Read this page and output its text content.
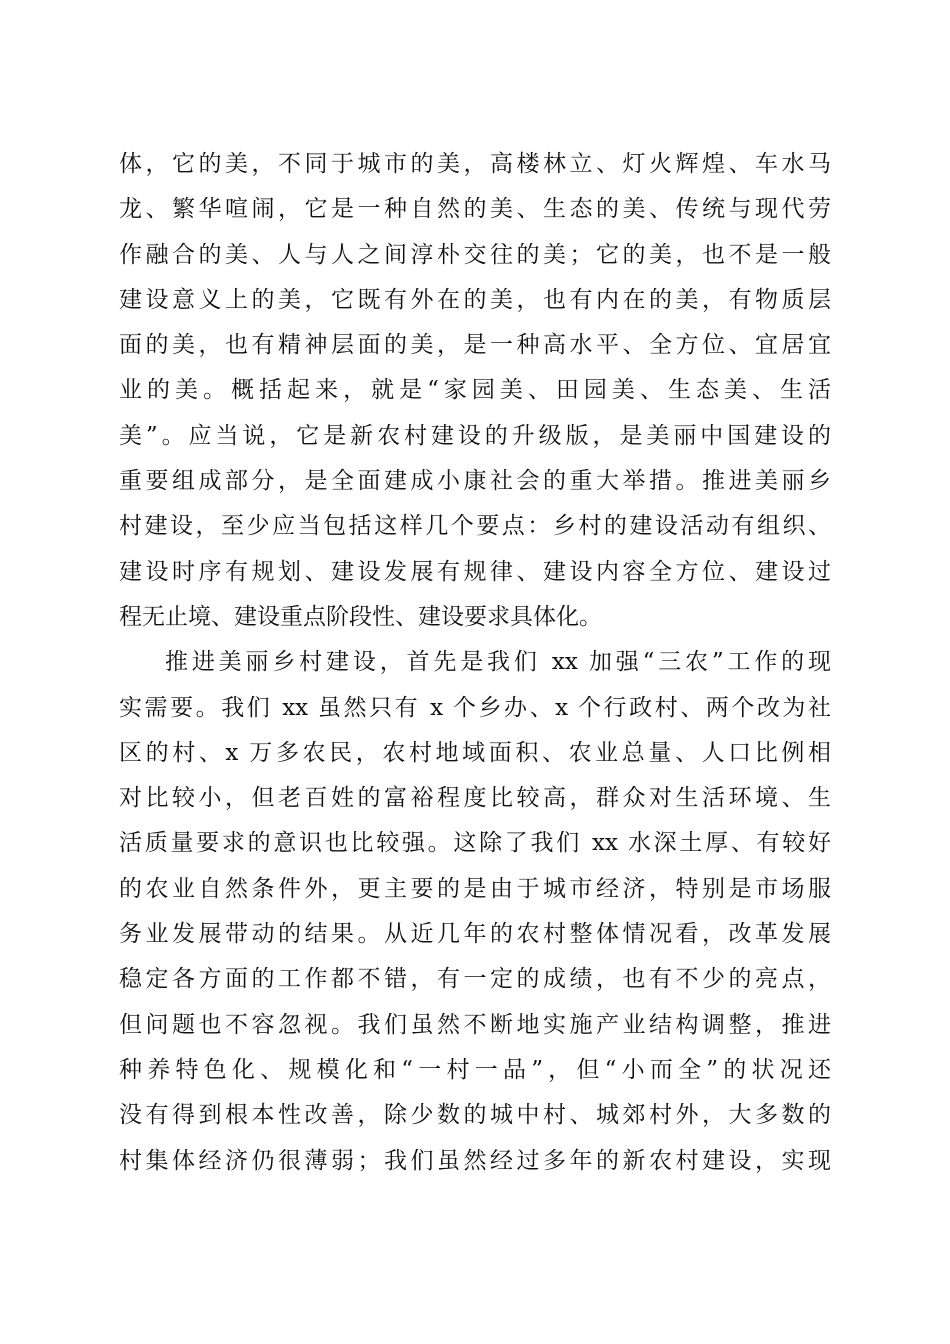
体，它的美，不同于城市的美，高楼林立、灯火辉煌、车水马
龙、繁华喧闹，它是一种自然的美、生态的美、传统与现代劳
作融合的美、人与人之间淳朴交往的美；它的美，也不是一般
建设意义上的美，它既有外在的美，也有内在的美，有物质层
面的美，也有精神层面的美，是一种高水平、全方位、宜居宜
业的美。概括起来，就是“家园美、田园美、生态美、生活
美”。应当说，它是新农村建设的升级版，是美丽中国建设的
重要组成部分，是全面建成小康社会的重大举措。推进美丽乡
村建设，至少应当包括这样几个要点：乡村的建设活动有组织、
建设时序有规划、建设发展有规律、建设内容全方位、建设过
程无止境、建设重点阶段性、建设要求具体化。
推进美丽乡村建设，首先是我们 xx 加强“三农”工作的现
实需要。我们 xx 虽然只有 x 个乡办、x 个行政村、两个改为社
区的村、x 万多农民，农村地域面积、农业总量、人口比例相
对比较小，但老百姓的富裕程度比较高，群众对生活环境、生
活质量要求的意识也比较强。这除了我们 xx 水深土厚、有较好
的农业自然条件外，更主要的是由于城市经济，特别是市场服
务业发展带动的结果。从近几年的农村整体情况看，改革发展
稳定各方面的工作都不错，有一定的成绩，也有不少的亮点，
但问题也不容忽视。我们虽然不断地实施产业结构调整，推进
种养特色化、规模化和“一村一品”，但“小而全”的状况还
没有得到根本性改善，除少数的城中村、城郊村外，大多数的
村集体经济仍很薄弱；我们虽然经过多年的新农村建设，实现
